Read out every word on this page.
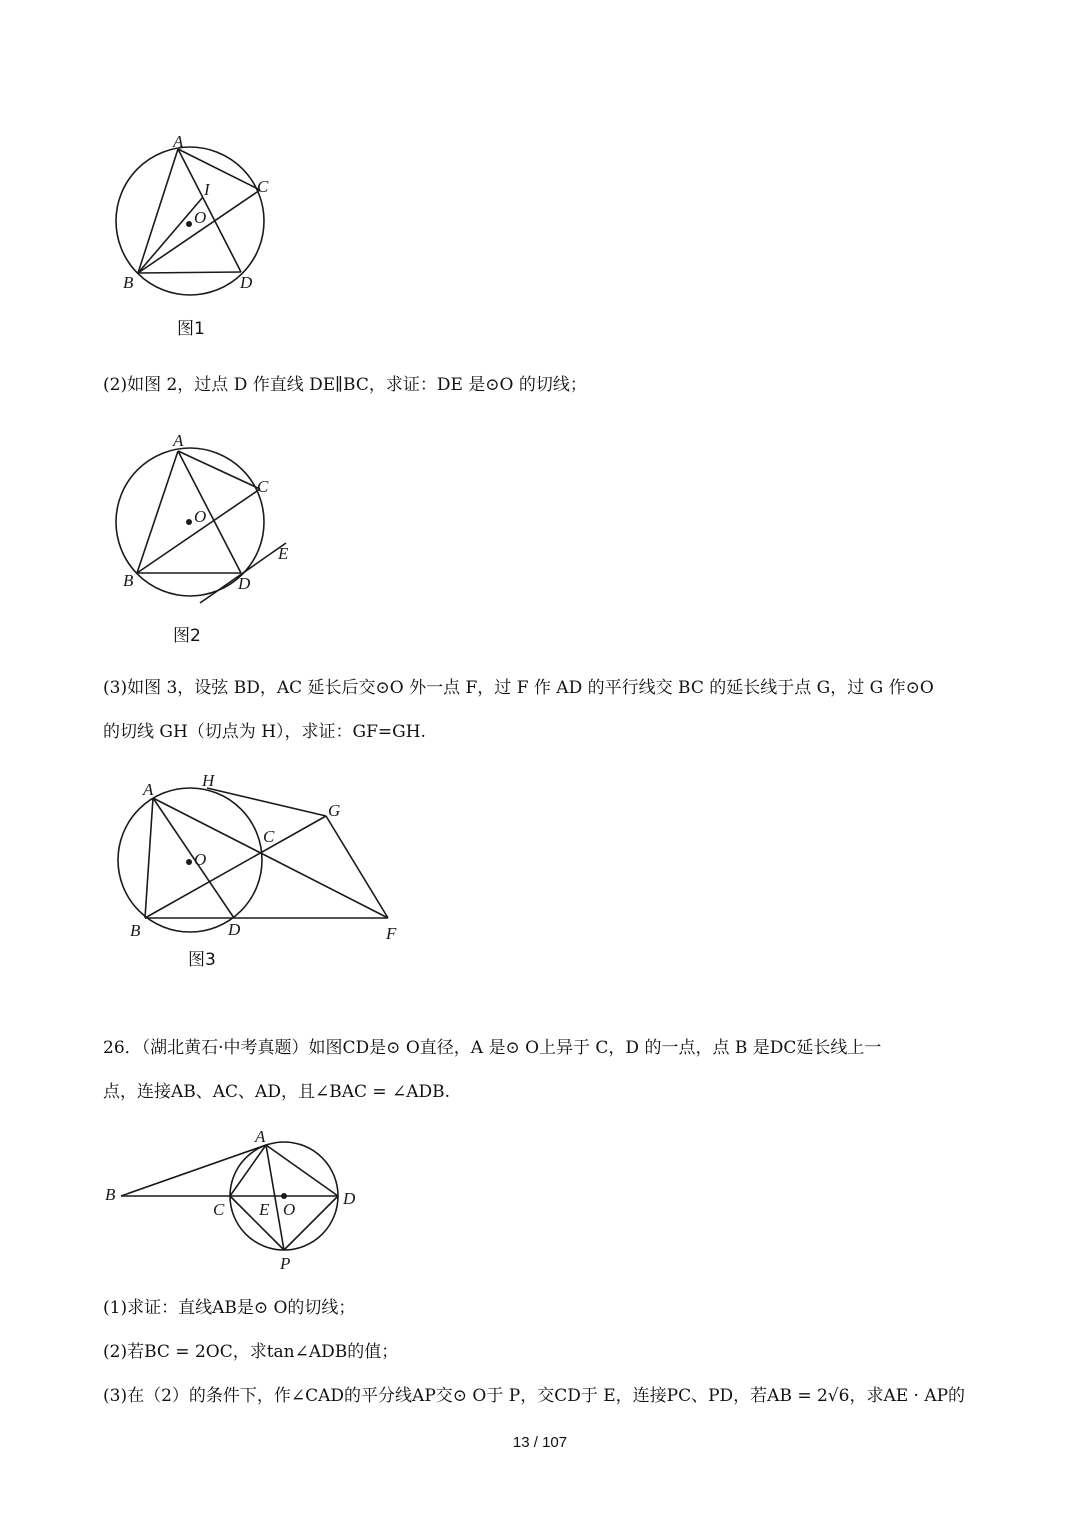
A
I	C
O
B	D
图1
(2)如图 2，过点 D 作直线 DE∥BC，求证：DE 是⊙O 的切线；
A
C
O
E
B	D
图2
(3)如图 3，设弦 BD，AC 延长后交⊙O 外一点 F，过 F 作 AD 的平行线交 BC 的延长线于点 G，过 G 作⊙O
的切线 GH（切点为 H），求证：GF=GH.
A	H
G
C
O
B	D	F
图3
26．（湖北黄石·中考真题）如图CD是⊙ O直径，A 是⊙ O上异于 C，D 的一点，点 B 是DC延长线上一
点，连接AB、AC、AD，且∠BAC = ∠ADB.
A
B
C E O
D
P
(1)求证：直线AB是⊙ O的切线；
(2)若BC = 2OC，求tan∠ADB的值；
(3)在（2）的条件下，作∠CAD的平分线AP交⊙ O于 P，交CD于 E，连接PC、PD，若AB = 2√6，求AE · AP的
13 / 107
